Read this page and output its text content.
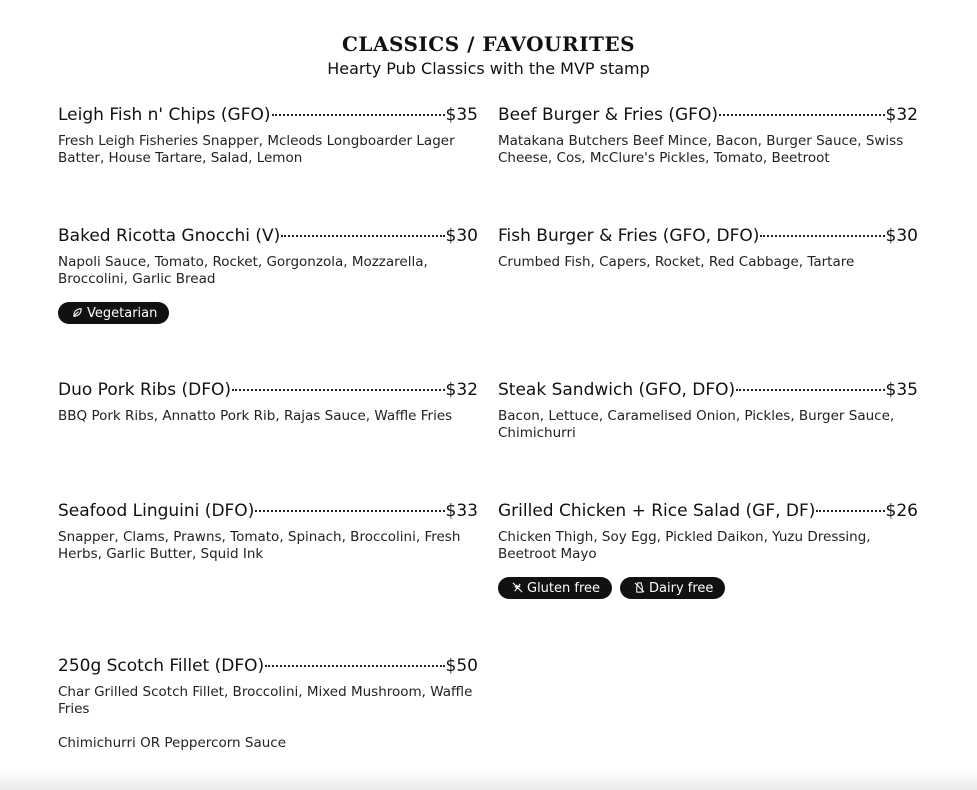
CLASSICS / FAVOURITES
Hearty Pub Classics with the MVP stamp
Leigh Fish n' Chips (GFO)	$35
Fresh Leigh Fisheries Snapper, Mcleods Longboarder Lager Batter, House Tartare, Salad, Lemon
Beef Burger & Fries (GFO)	$32
Matakana Butchers Beef Mince, Bacon, Burger Sauce, Swiss Cheese, Cos, McClure's Pickles, Tomato, Beetroot
Baked Ricotta Gnocchi (V)	$30
Napoli Sauce, Tomato, Rocket, Gorgonzola, Mozzarella, Broccolini, Garlic Bread
Vegetarian
Fish Burger & Fries (GFO, DFO)	$30
Crumbed Fish, Capers, Rocket, Red Cabbage, Tartare
Duo Pork Ribs (DFO)	$32
BBQ Pork Ribs, Annatto Pork Rib, Rajas Sauce, Waffle Fries
Steak Sandwich (GFO, DFO)	$35
Bacon, Lettuce, Caramelised Onion, Pickles, Burger Sauce, Chimichurri
Seafood Linguini (DFO)	$33
Snapper, Clams, Prawns, Tomato, Spinach, Broccolini, Fresh Herbs, Garlic Butter, Squid Ink
Grilled Chicken + Rice Salad (GF, DF)	$26
Chicken Thigh, Soy Egg, Pickled Daikon, Yuzu Dressing, Beetroot Mayo
Gluten free	Dairy free
250g Scotch Fillet (DFO)	$50
Char Grilled Scotch Fillet, Broccolini, Mixed Mushroom, Waffle Fries
Chimichurri OR Peppercorn Sauce
